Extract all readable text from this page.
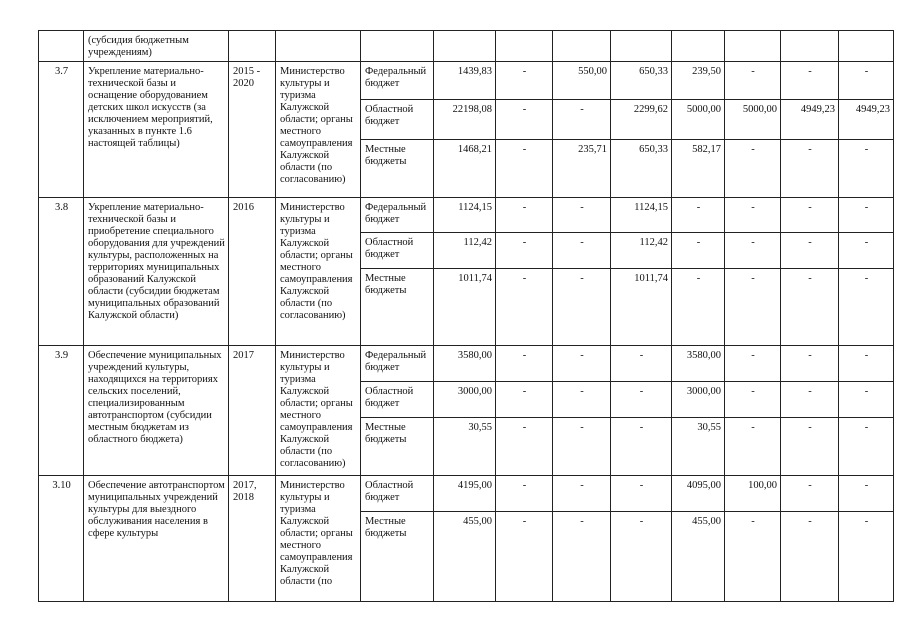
	(субсидия бюджетным учреждениям)											
3.7	Укрепление материально-технической базы и оснащение оборудованием детских школ искусств (за исключением мероприятий, указанных в пункте 1.6 настоящей таблицы)	2015 - 2020	Министерство культуры и туризма Калужской области; органы местного самоуправления Калужской области (по согласованию)	Федеральный бюджет	1439,83	-	550,00	650,33	239,50	-	-	-
				Областной бюджет	22198,08	-	-	2299,62	5000,00	5000,00	4949,23	4949,23
				Местные бюджеты	1468,21	-	235,71	650,33	582,17	-	-	-
3.8	Укрепление материально-технической базы и приобретение специального оборудования для учреждений культуры, расположенных на территориях муниципальных образований Калужской области (субсидии бюджетам муниципальных образований Калужской области)	2016	Министерство культуры и туризма Калужской области; органы местного самоуправления Калужской области (по согласованию)	Федеральный бюджет	1124,15	-	-	1124,15	-	-	-	-
				Областной бюджет	112,42	-	-	112,42	-	-	-	-
				Местные бюджеты	1011,74	-	-	1011,74	-	-	-	-
3.9	Обеспечение муниципальных учреждений культуры, находящихся на территориях сельских поселений, специализированным автотранспортом (субсидии местным бюджетам из областного бюджета)	2017	Министерство культуры и туризма Калужской области; органы местного самоуправления Калужской области (по согласованию)	Федеральный бюджет	3580,00	-	-	-	3580,00	-	-	-
				Областной бюджет	3000,00	-	-	-	3000,00	-	-	-
				Местные бюджеты	30,55	-	-	-	30,55	-	-	-
3.10	Обеспечение автотранспортом муниципальных учреждений культуры для выездного обслуживания населения в сфере культуры	2017, 2018	Министерство культуры и туризма Калужской области; органы местного самоуправления Калужской области (по	Областной бюджет	4195,00	-	-	-	4095,00	100,00	-	-
				Местные бюджеты	455,00	-	-	-	455,00	-	-	-
